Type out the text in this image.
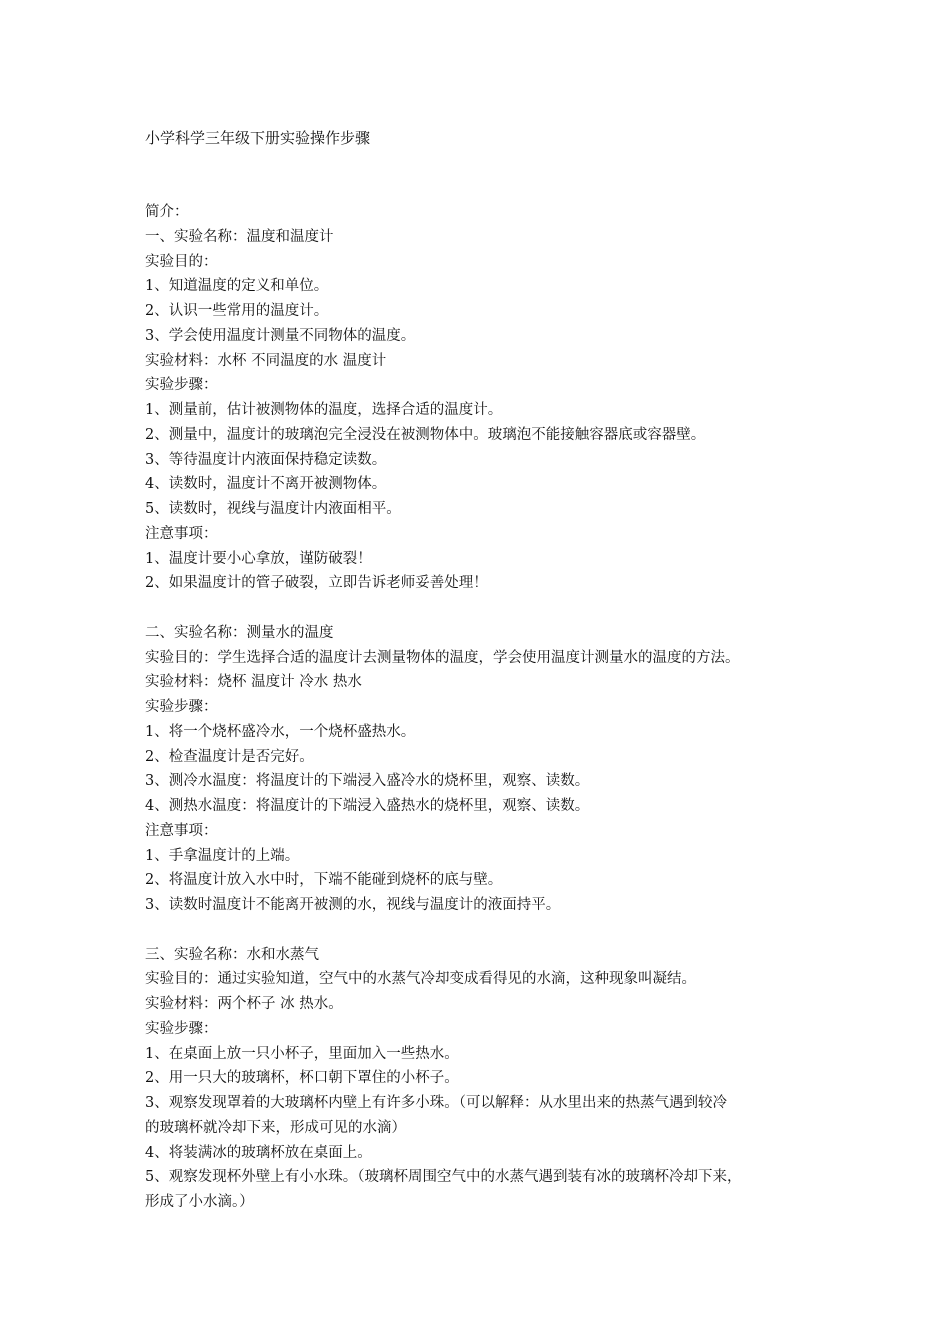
小学科学三年级下册实验操作步骤
简介：
一、实验名称：温度和温度计
实验目的：
1、知道温度的定义和单位。
2、认识一些常用的温度计。
3、学会使用温度计测量不同物体的温度。
实验材料：水杯 不同温度的水 温度计
实验步骤：
1、测量前，估计被测物体的温度，选择合适的温度计。
2、测量中，温度计的玻璃泡完全浸没在被测物体中。玻璃泡不能接触容器底或容器壁。
3、等待温度计内液面保持稳定读数。
4、读数时，温度计不离开被测物体。
5、读数时，视线与温度计内液面相平。
注意事项：
1、温度计要小心拿放，谨防破裂！
2、如果温度计的管子破裂，立即告诉老师妥善处理！
二、实验名称：测量水的温度
实验目的：学生选择合适的温度计去测量物体的温度，学会使用温度计测量水的温度的方法。
实验材料：烧杯 温度计 冷水 热水
实验步骤：
1、将一个烧杯盛冷水，一个烧杯盛热水。
2、检查温度计是否完好。
3、测冷水温度：将温度计的下端浸入盛冷水的烧杯里，观察、读数。
4、测热水温度：将温度计的下端浸入盛热水的烧杯里，观察、读数。
注意事项：
1、手拿温度计的上端。
2、将温度计放入水中时，下端不能碰到烧杯的底与壁。
3、读数时温度计不能离开被测的水，视线与温度计的液面持平。
三、实验名称：水和水蒸气
实验目的：通过实验知道，空气中的水蒸气冷却变成看得见的水滴，这种现象叫凝结。
实验材料：两个杯子 冰 热水。
实验步骤：
1、在桌面上放一只小杯子，里面加入一些热水。
2、用一只大的玻璃杯，杯口朝下罩住的小杯子。
3、观察发现罩着的大玻璃杯内壁上有许多小珠。（可以解释：从水里出来的热蒸气遇到较冷
的玻璃杯就冷却下来，形成可见的水滴）
4、将装满冰的玻璃杯放在桌面上。
5、观察发现杯外壁上有小水珠。（玻璃杯周围空气中的水蒸气遇到装有冰的玻璃杯冷却下来，
形成了小水滴。）
